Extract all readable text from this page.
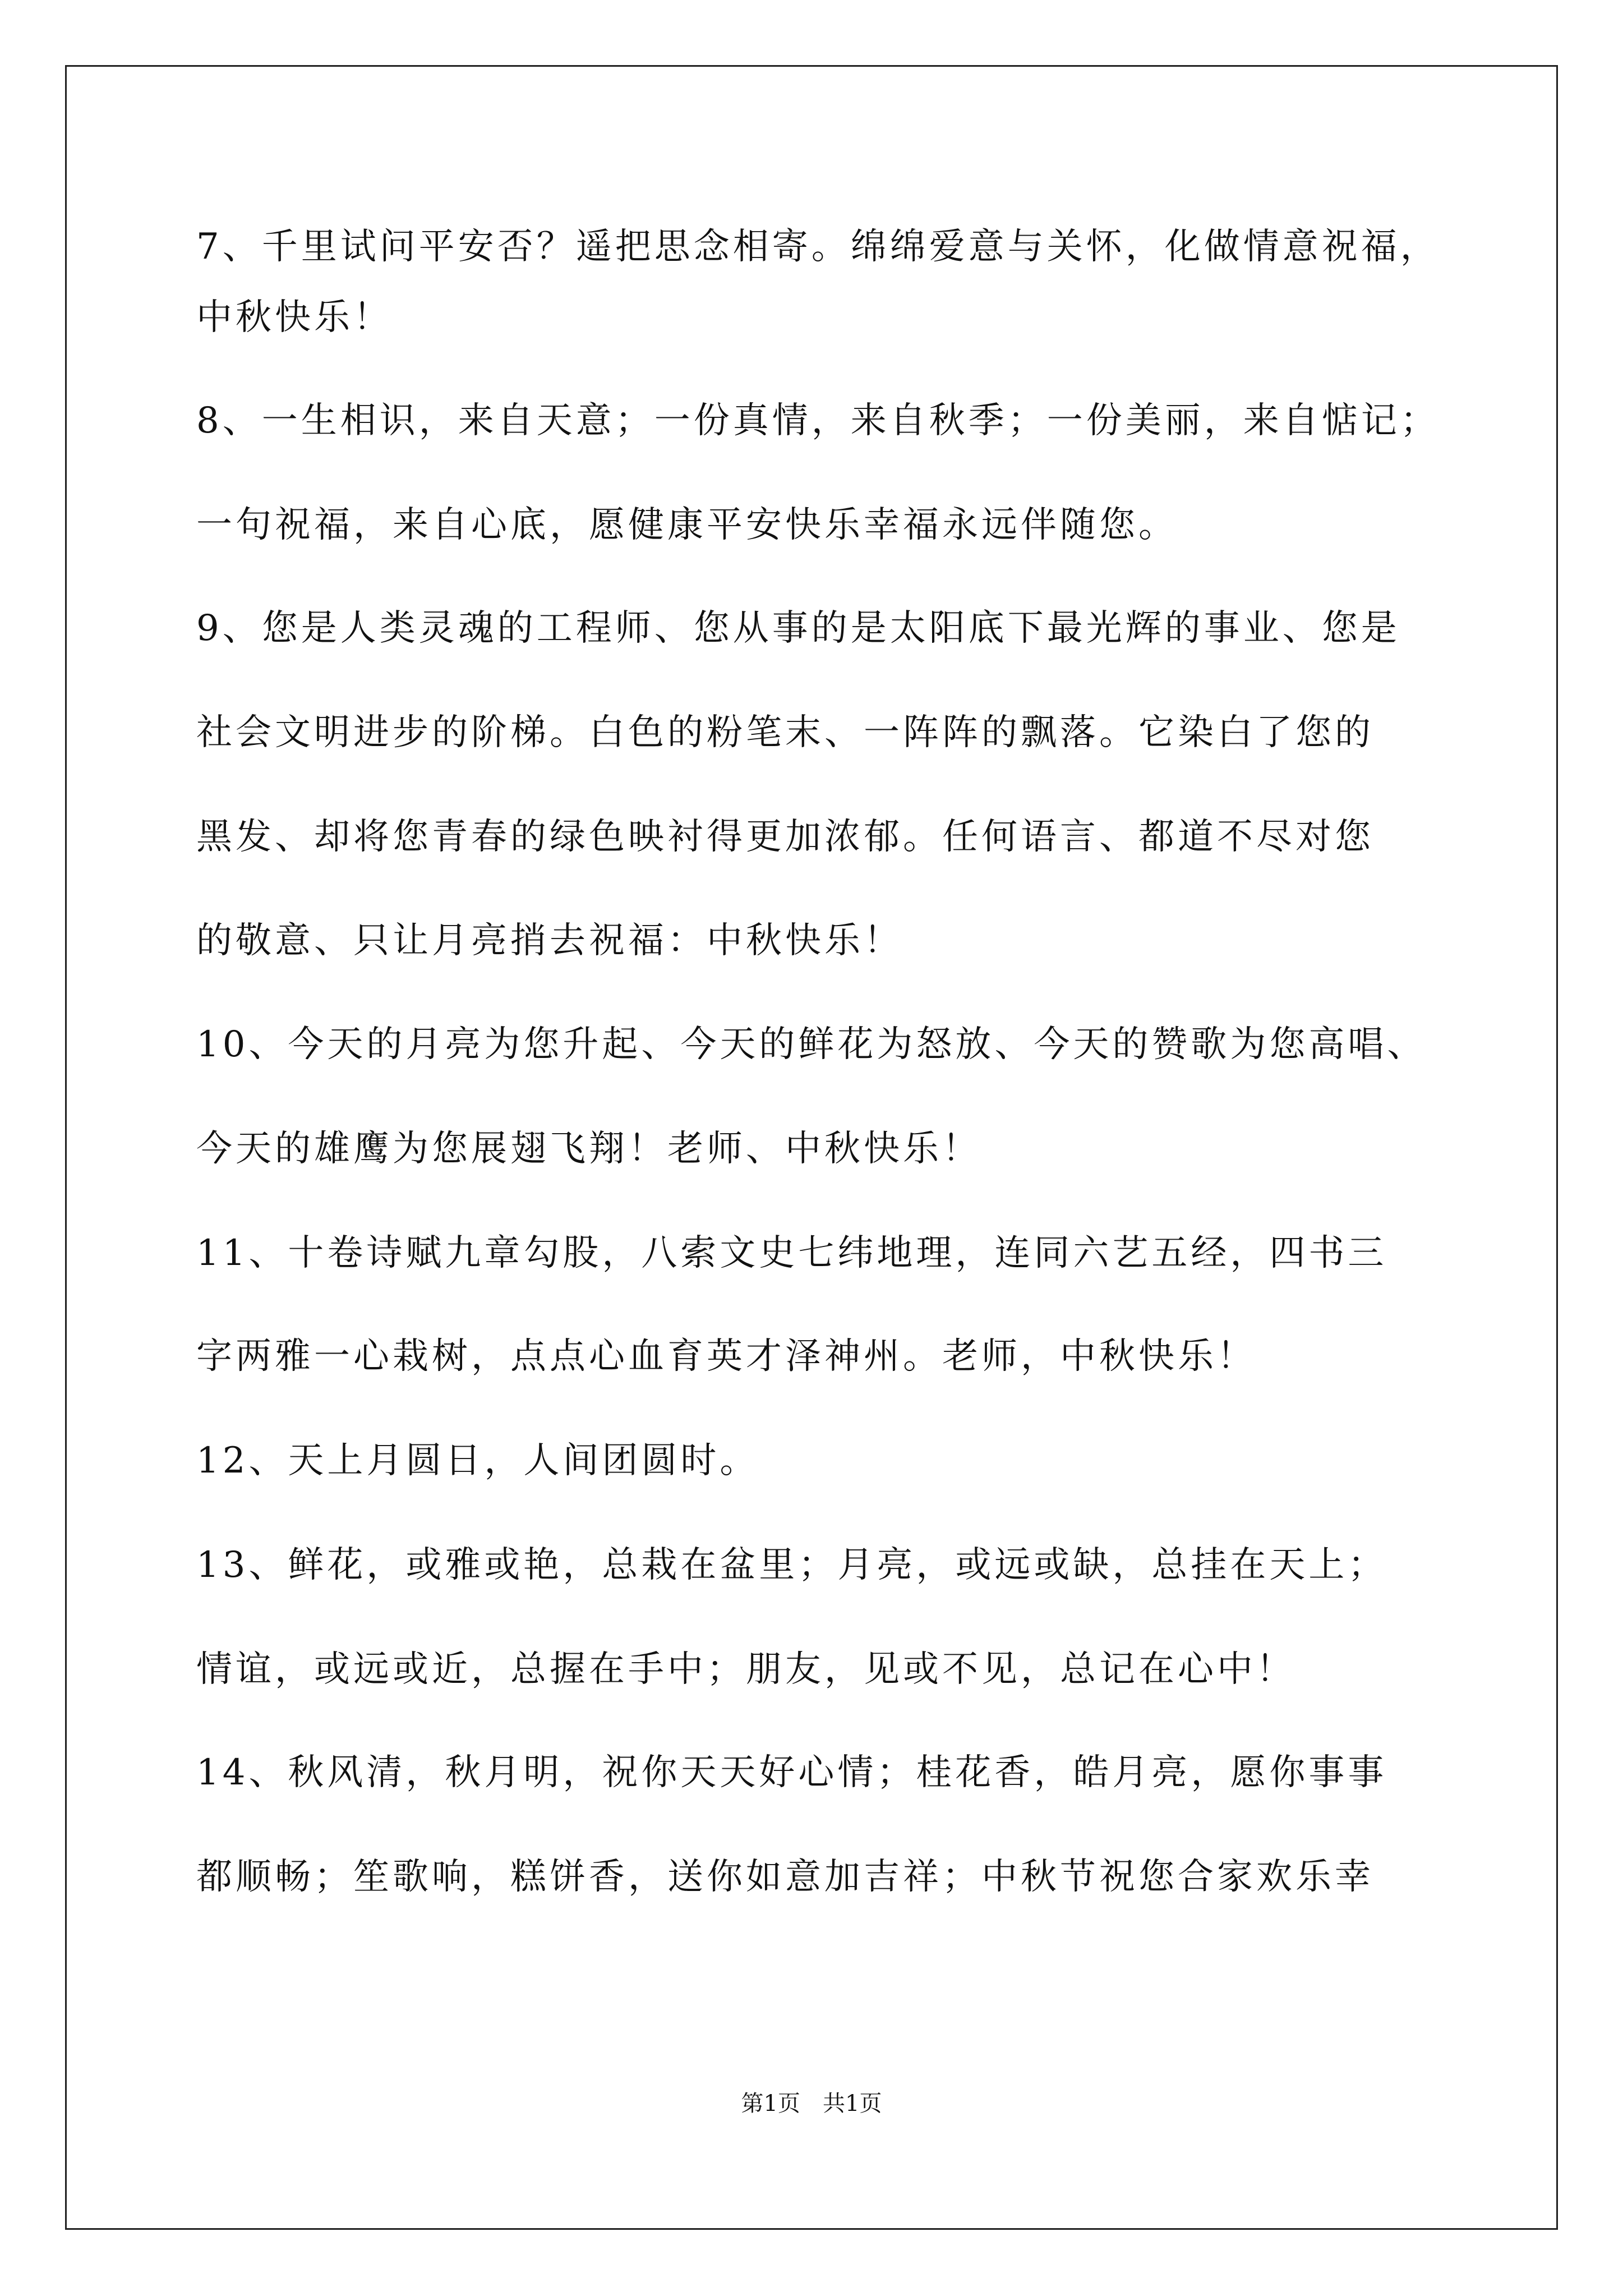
7、千里试问平安否？遥把思念相寄。绵绵爱意与关怀，化做情意祝福，
中秋快乐！
8、一生相识，来自天意；一份真情，来自秋季；一份美丽，来自惦记；
一句祝福，来自心底，愿健康平安快乐幸福永远伴随您。
9、您是人类灵魂的工程师、您从事的是太阳底下最光辉的事业、您是
社会文明进步的阶梯。白色的粉笔末、一阵阵的飘落。它染白了您的
黑发、却将您青春的绿色映衬得更加浓郁。任何语言、都道不尽对您
的敬意、只让月亮捎去祝福：中秋快乐！
10、今天的月亮为您升起、今天的鲜花为怒放、今天的赞歌为您高唱、
今天的雄鹰为您展翅飞翔！老师、中秋快乐！
11、十卷诗赋九章勾股，八索文史七纬地理，连同六艺五经，四书三
字两雅一心栽树，点点心血育英才泽神州。老师，中秋快乐！
12、天上月圆日，人间团圆时。
13、鲜花，或雅或艳，总栽在盆里；月亮，或远或缺，总挂在天上；
情谊，或远或近，总握在手中；朋友，见或不见，总记在心中！
14、秋风清，秋月明，祝你天天好心情；桂花香，皓月亮，愿你事事
都顺畅；笙歌响，糕饼香，送你如意加吉祥；中秋节祝您合家欢乐幸
第1页　共1页
